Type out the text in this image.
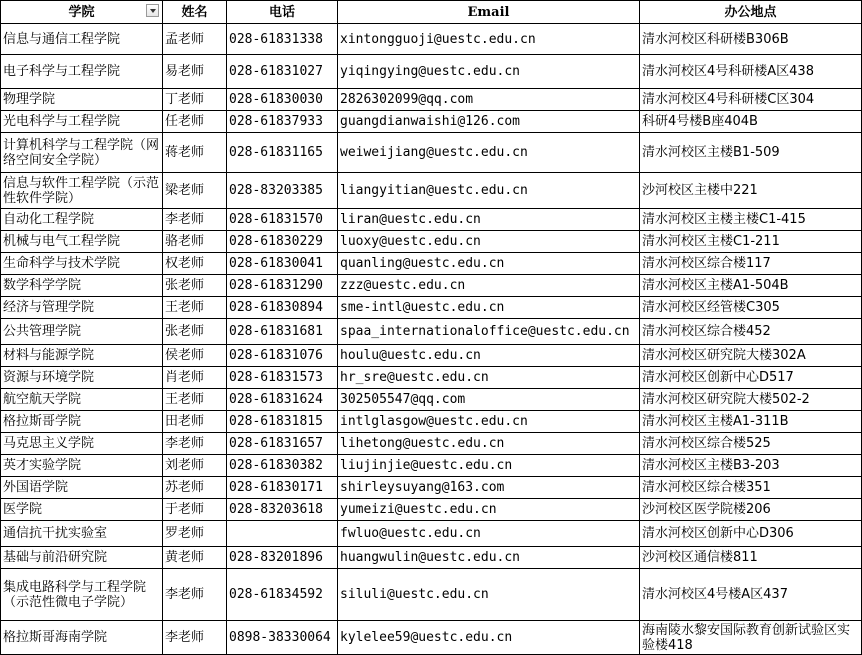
学院	姓名	电话	Email	办公地点
信息与通信工程学院	孟老师	028-61831338	xintongguoji@uestc.edu.cn	清水河校区科研楼B306B
电子科学与工程学院	易老师	028-61831027	yiqingying@uestc.edu.cn	清水河校区4号科研楼A区438
物理学院	丁老师	028-61830030	2826302099@qq.com	清水河校区4号科研楼C区304
光电科学与工程学院	任老师	028-61837933	guangdianwaishi@126.com	科研4号楼B座404B
计算机科学与工程学院（网络空间安全学院）	蒋老师	028-61831165	weiweijiang@uestc.edu.cn	清水河校区主楼B1-509
信息与软件工程学院（示范性软件学院）	梁老师	028-83203385	liangyitian@uestc.edu.cn	沙河校区主楼中221
自动化工程学院	李老师	028-61831570	liran@uestc.edu.cn	清水河校区主楼主楼C1-415
机械与电气工程学院	骆老师	028-61830229	luoxy@uestc.edu.cn	清水河校区主楼C1-211
生命科学与技术学院	权老师	028-61830041	quanling@uestc.edu.cn	清水河校区综合楼117
数学科学学院	张老师	028-61831290	zzz@uestc.edu.cn	清水河校区主楼A1-504B
经济与管理学院	王老师	028-61830894	sme-intl@uestc.edu.cn	清水河校区经管楼C305
公共管理学院	张老师	028-61831681	spaa_internationaloffice@uestc.edu.cn	清水河校区综合楼452
材料与能源学院	侯老师	028-61831076	houlu@uestc.edu.cn	清水河校区研究院大楼302A
资源与环境学院	肖老师	028-61831573	hr_sre@uestc.edu.cn	清水河校区创新中心D517
航空航天学院	王老师	028-61831624	302505547@qq.com	清水河校区研究院大楼502-2
格拉斯哥学院	田老师	028-61831815	intlglasgow@uestc.edu.cn	清水河校区主楼A1-311B
马克思主义学院	李老师	028-61831657	lihetong@uestc.edu.cn	清水河校区综合楼525
英才实验学院	刘老师	028-61830382	liujinjie@uestc.edu.cn	清水河校区主楼B3-203
外国语学院	苏老师	028-61830171	shirleysuyang@163.com	清水河校区综合楼351
医学院	于老师	028-83203618	yumeizi@uestc.edu.cn	沙河校区医学院楼206
通信抗干扰实验室	罗老师		fwluo@uestc.edu.cn	清水河校区创新中心D306
基础与前沿研究院	黄老师	028-83201896	huangwulin@uestc.edu.cn	沙河校区通信楼811
集成电路科学与工程学院（示范性微电子学院）	李老师	028-61834592	siluli@uestc.edu.cn	清水河校区4号楼A区437
格拉斯哥海南学院	李老师	0898-38330064	kylelee59@uestc.edu.cn	海南陵水黎安国际教育创新试验区实验楼418
